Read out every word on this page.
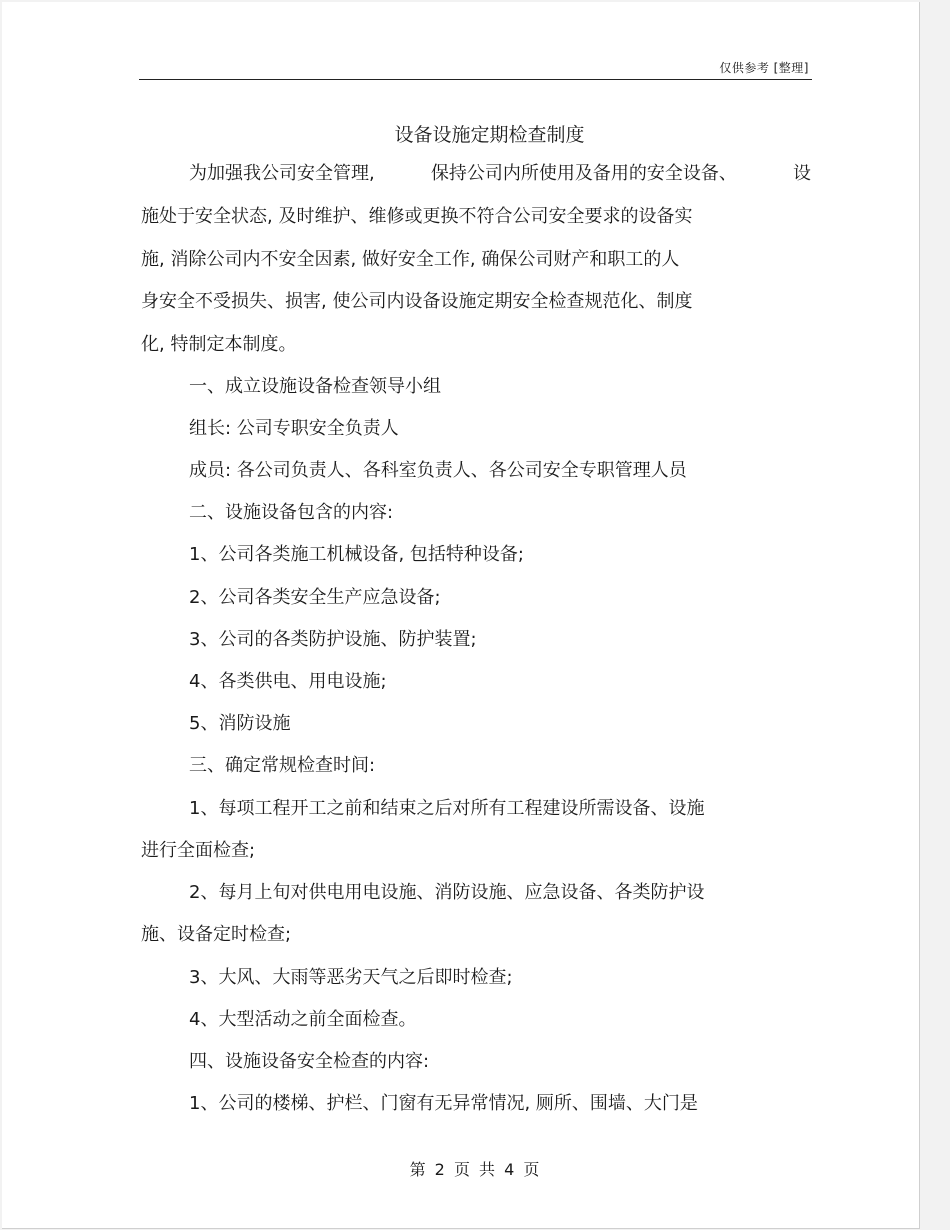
仅供参考 [整理]
设备设施定期检查制度
为加强我公司安全管理,	保持公司内所使用及备用的安全设备、	设
施处于安全状态, 及时维护、维修或更换不符合公司安全要求的设备实
施, 消除公司内不安全因素, 做好安全工作, 确保公司财产和职工的人
身安全不受损失、损害, 使公司内设备设施定期安全检查规范化、制度
化, 特制定本制度。
一、成立设施设备检查领导小组
组长: 公司专职安全负责人
成员: 各公司负责人、各科室负责人、各公司安全专职管理人员
二、设施设备包含的内容:
1、公司各类施工机械设备, 包括特种设备;
2、公司各类安全生产应急设备;
3、公司的各类防护设施、防护装置;
4、各类供电、用电设施;
5、消防设施
三、确定常规检查时间:
1、每项工程开工之前和结束之后对所有工程建设所需设备、设施
进行全面检查;
2、每月上旬对供电用电设施、消防设施、应急设备、各类防护设
施、设备定时检查;
3、大风、大雨等恶劣天气之后即时检查;
4、大型活动之前全面检查。
四、设施设备安全检查的内容:
1、公司的楼梯、护栏、门窗有无异常情况, 厕所、围墙、大门是
第 2 页 共 4 页
